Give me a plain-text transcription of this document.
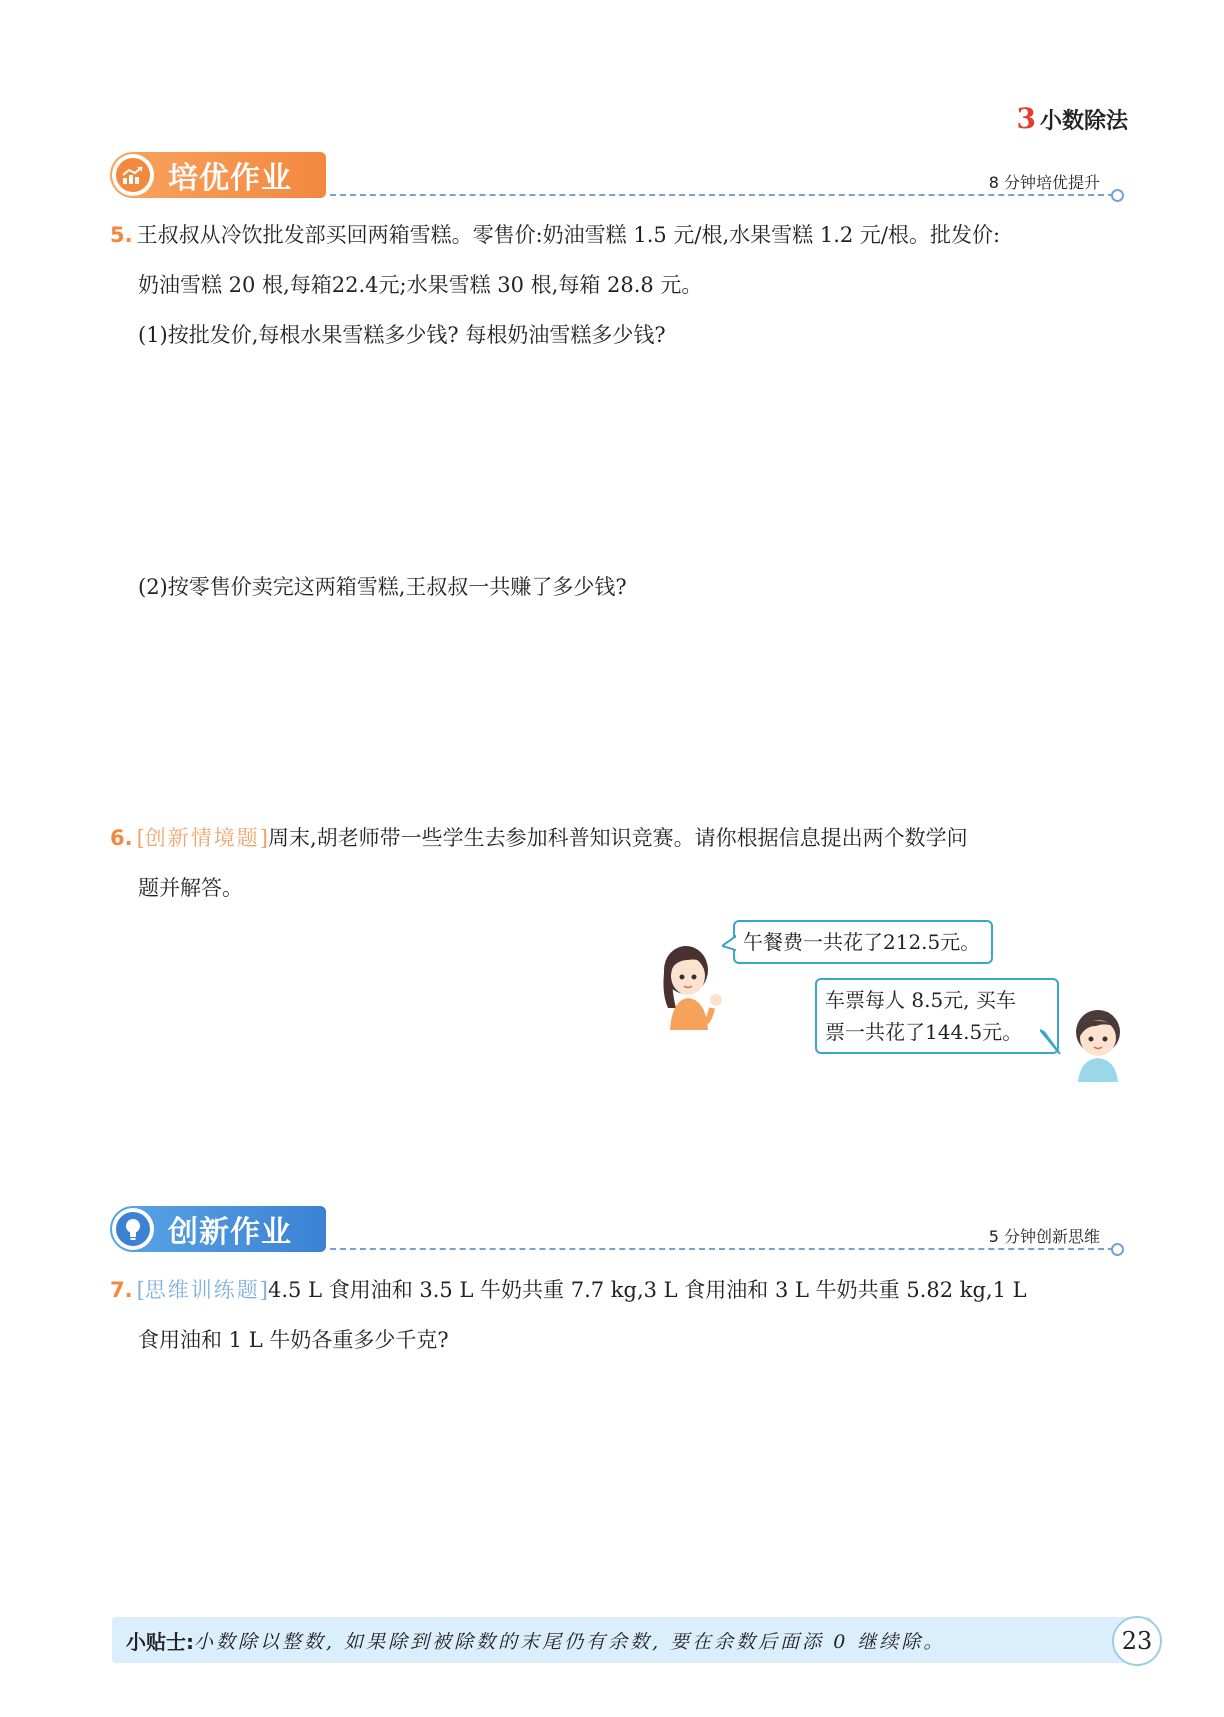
3 小数除法
培优作业	8 分钟培优提升
5. 王叔叔从冷饮批发部买回两箱雪糕。零售价:奶油雪糕 1.5 元/根,水果雪糕 1.2 元/根。批发价:
奶油雪糕 20 根,每箱22.4元;水果雪糕 30 根,每箱 28.8 元。
(1)按批发价,每根水果雪糕多少钱? 每根奶油雪糕多少钱?
(2)按零售价卖完这两箱雪糕,王叔叔一共赚了多少钱?
6. [创新情境题]周末,胡老师带一些学生去参加科普知识竞赛。请你根据信息提出两个数学问
题并解答。
午餐费一共花了212.5元。
车票每人 8.5元, 买车
票一共花了144.5元。
创新作业	5 分钟创新思维
7. [思维训练题]4.5 L 食用油和 3.5 L 牛奶共重 7.7 kg,3 L 食用油和 3 L 牛奶共重 5.82 kg,1 L
食用油和 1 L 牛奶各重多少千克?
小贴士: 小数除以整数, 如果除到被除数的末尾仍有余数, 要在余数后面添 0 继续除。	23
